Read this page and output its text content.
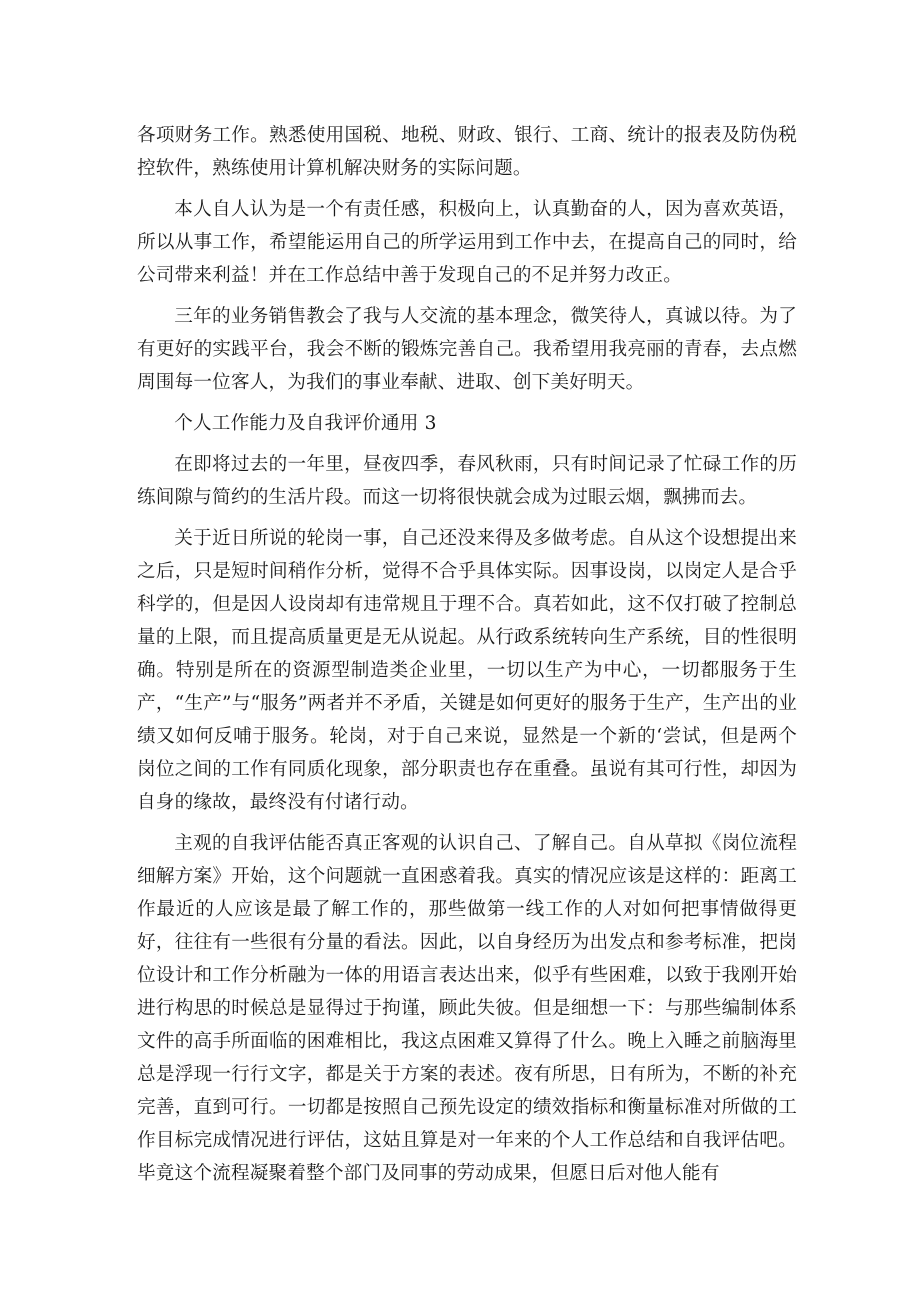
各项财务工作。熟悉使用国税、地税、财政、银行、工商、统计的报表及防伪税控软件，熟练使用计算机解决财务的实际问题。

本人自人认为是一个有责任感，积极向上，认真勤奋的人，因为喜欢英语，所以从事工作，希望能运用自己的所学运用到工作中去，在提高自己的同时，给公司带来利益！并在工作总结中善于发现自己的不足并努力改正。

三年的业务销售教会了我与人交流的基本理念，微笑待人，真诚以待。为了有更好的实践平台，我会不断的锻炼完善自己。我希望用我亮丽的青春，去点燃周围每一位客人，为我们的事业奉献、进取、创下美好明天。

个人工作能力及自我评价通用 3

在即将过去的一年里，昼夜四季，春风秋雨，只有时间记录了忙碌工作的历练间隙与简约的生活片段。而这一切将很快就会成为过眼云烟，飘拂而去。

关于近日所说的轮岗一事，自己还没来得及多做考虑。自从这个设想提出来之后，只是短时间稍作分析，觉得不合乎具体实际。因事设岗，以岗定人是合乎科学的，但是因人设岗却有违常规且于理不合。真若如此，这不仅打破了控制总量的上限，而且提高质量更是无从说起。从行政系统转向生产系统，目的性很明确。特别是所在的资源型制造类企业里，一切以生产为中心，一切都服务于生产，“生产”与“服务”两者并不矛盾，关键是如何更好的服务于生产，生产出的业绩又如何反哺于服务。轮岗，对于自己来说，显然是一个新的‘尝试，但是两个岗位之间的工作有同质化现象，部分职责也存在重叠。虽说有其可行性，却因为自身的缘故，最终没有付诸行动。

主观的自我评估能否真正客观的认识自己、了解自己。自从草拟《岗位流程细解方案》开始，这个问题就一直困惑着我。真实的情况应该是这样的：距离工作最近的人应该是最了解工作的，那些做第一线工作的人对如何把事情做得更好，往往有一些很有分量的看法。因此，以自身经历为出发点和参考标准，把岗位设计和工作分析融为一体的用语言表达出来，似乎有些困难，以致于我刚开始进行构思的时候总是显得过于拘谨，顾此失彼。但是细想一下：与那些编制体系文件的高手所面临的困难相比，我这点困难又算得了什么。晚上入睡之前脑海里总是浮现一行行文字，都是关于方案的表述。夜有所思，日有所为，不断的补充完善，直到可行。一切都是按照自己预先设定的绩效指标和衡量标准对所做的工作目标完成情况进行评估，这姑且算是对一年来的个人工作总结和自我评估吧。毕竟这个流程凝聚着整个部门及同事的劳动成果，但愿日后对他人能有
